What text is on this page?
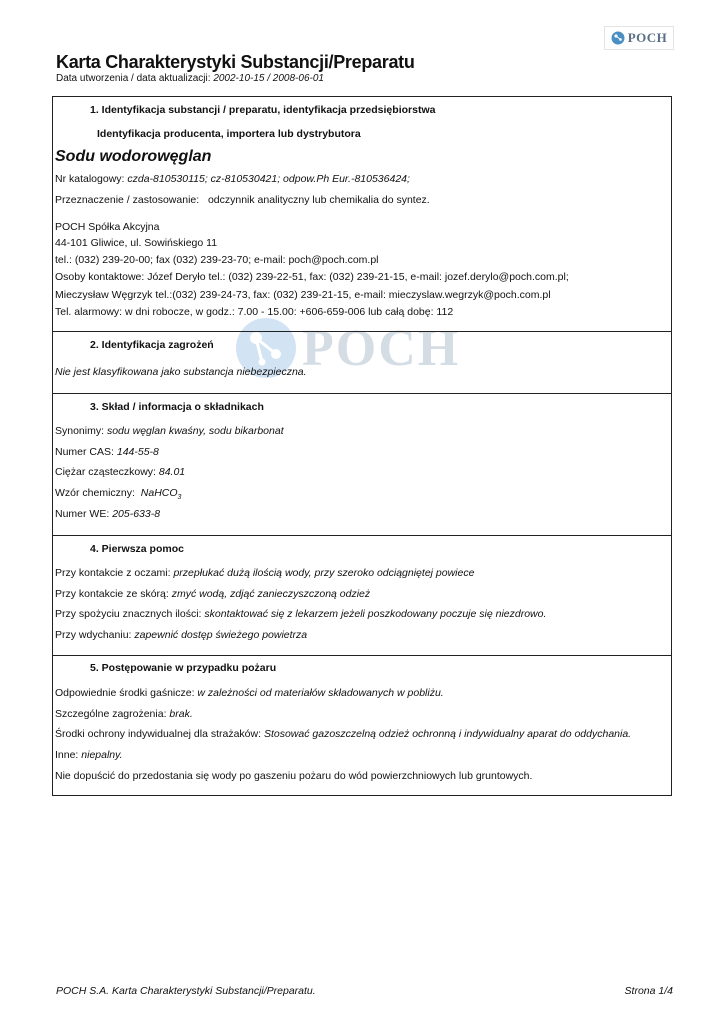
POCH
Karta Charakterystyki Substancji/Preparatu
Data utworzenia / data aktualizacji: 2002-10-15 / 2008-06-01
POCH
1. Identyfikacja substancji / preparatu, identyfikacja przedsiębiorstwa
Identyfikacja producenta, importera lub dystrybutora
Sodu wodorowęglan
Nr katalogowy: czda-810530115; cz-810530421; odpow.Ph Eur.-810536424;
Przeznaczenie / zastosowanie: odczynnik analityczny lub chemikalia do syntez.
POCH Spółka Akcyjna
44-101 Gliwice, ul. Sowińskiego 11
tel.: (032) 239-20-00; fax (032) 239-23-70; e-mail: poch@poch.com.pl
Osoby kontaktowe: Józef Deryło tel.: (032) 239-22-51, fax: (032) 239-21-15, e-mail: jozef.derylo@poch.com.pl;
Mieczysław Węgrzyk tel.:(032) 239-24-73, fax: (032) 239-21-15, e-mail: mieczyslaw.wegrzyk@poch.com.pl
Tel. alarmowy: w dni robocze, w godz.: 7.00 - 15.00: +606-659-006 lub całą dobę: 112
2. Identyfikacja zagrożeń
Nie jest klasyfikowana jako substancja niebezpieczna.
3. Skład / informacja o składnikach
Synonimy: sodu węglan kwaśny, sodu bikarbonat
Numer CAS: 144-55-8
Ciężar cząsteczkowy: 84.01
Wzór chemiczny: NaHCO$_3$
Numer WE: 205-633-8
4. Pierwsza pomoc
Przy kontakcie z oczami: przepłukać dużą ilością wody, przy szeroko odciągniętej powiece
Przy kontakcie ze skórą: zmyć wodą, zdjąć zanieczyszczoną odzież
Przy spożyciu znacznych ilości: skontaktować się z lekarzem jeżeli poszkodowany poczuje się niezdrowo.
Przy wdychaniu: zapewnić dostęp świeżego powietrza
5. Postępowanie w przypadku pożaru
Odpowiednie środki gaśnicze: w zależności od materiałów składowanych w pobliżu.
Szczególne zagrożenia: brak.
Środki ochrony indywidualnej dla strażaków: Stosować gazoszczelną odzież ochronną i indywidualny aparat do oddychania.
Inne: niepalny.
Nie dopuścić do przedostania się wody po gaszeniu pożaru do wód powierzchniowych lub gruntowych.
POCH S.A. Karta Charakterystyki Substancji/Preparatu.	Strona 1/4
